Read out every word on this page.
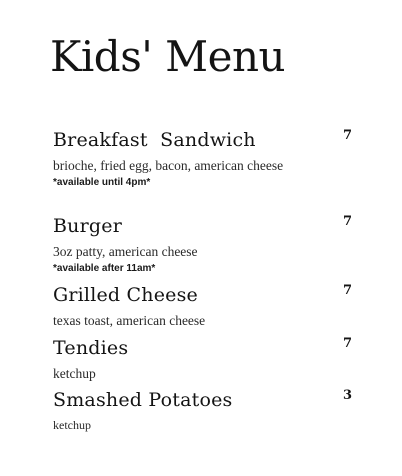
Kids' Menu
Breakfast  Sandwich	7
brioche, fried egg, bacon, american cheese
*available until 4pm*
Burger	7
3oz patty, american cheese
*available after 11am*
Grilled Cheese	7
texas toast, american cheese
Tendies	7
ketchup
Smashed Potatoes	3
ketchup
